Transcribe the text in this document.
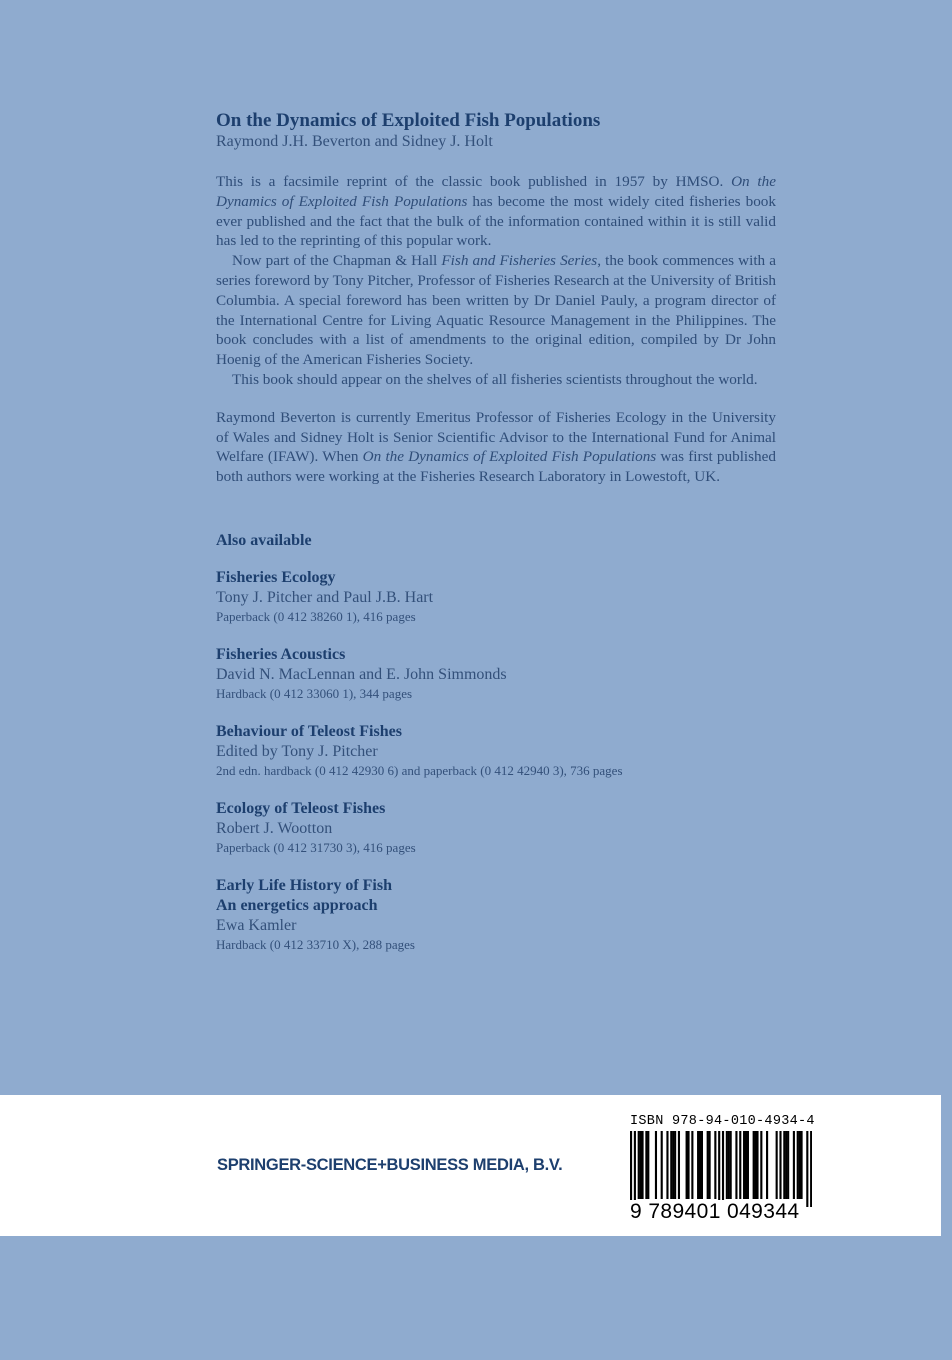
On the Dynamics of Exploited Fish Populations

Raymond J.H. Beverton and Sidney J. Holt

This is a facsimile reprint of the classic book published in 1957 by HMSO. On the Dynamics of Exploited Fish Populations has become the most widely cited fisheries book ever published and the fact that the bulk of the information contained within it is still valid has led to the reprinting of this popular work.

Now part of the Chapman & Hall Fish and Fisheries Series, the book commences with a series foreword by Tony Pitcher, Professor of Fisheries Research at the University of British Columbia. A special foreword has been written by Dr Daniel Pauly, a program director of the International Centre for Living Aquatic Resource Management in the Philippines. The book concludes with a list of amendments to the original edition, compiled by Dr John Hoenig of the American Fisheries Society.

This book should appear on the shelves of all fisheries scientists throughout the world.

Raymond Beverton is currently Emeritus Professor of Fisheries Ecology in the University of Wales and Sidney Holt is Senior Scientific Advisor to the International Fund for Animal Welfare (IFAW). When On the Dynamics of Exploited Fish Populations was first published both authors were working at the Fisheries Research Laboratory in Lowestoft, UK.

Also available

Fisheries Ecology

Tony J. Pitcher and Paul J.B. Hart

Paperback (0 412 38260 1), 416 pages

Fisheries Acoustics

David N. MacLennan and E. John Simmonds

Hardback (0 412 33060 1), 344 pages

Behaviour of Teleost Fishes

Edited by Tony J. Pitcher

2nd edn. hardback (0 412 42930 6) and paperback (0 412 42940 3), 736 pages

Ecology of Teleost Fishes

Robert J. Wootton

Paperback (0 412 31730 3), 416 pages

Early Life History of Fish

An energetics approach

Ewa Kamler

Hardback (0 412 33710 X), 288 pages

SPRINGER-SCIENCE+BUSINESS MEDIA, B.V.
ISBN 978-94-010-4934-4
9 789401 049344
